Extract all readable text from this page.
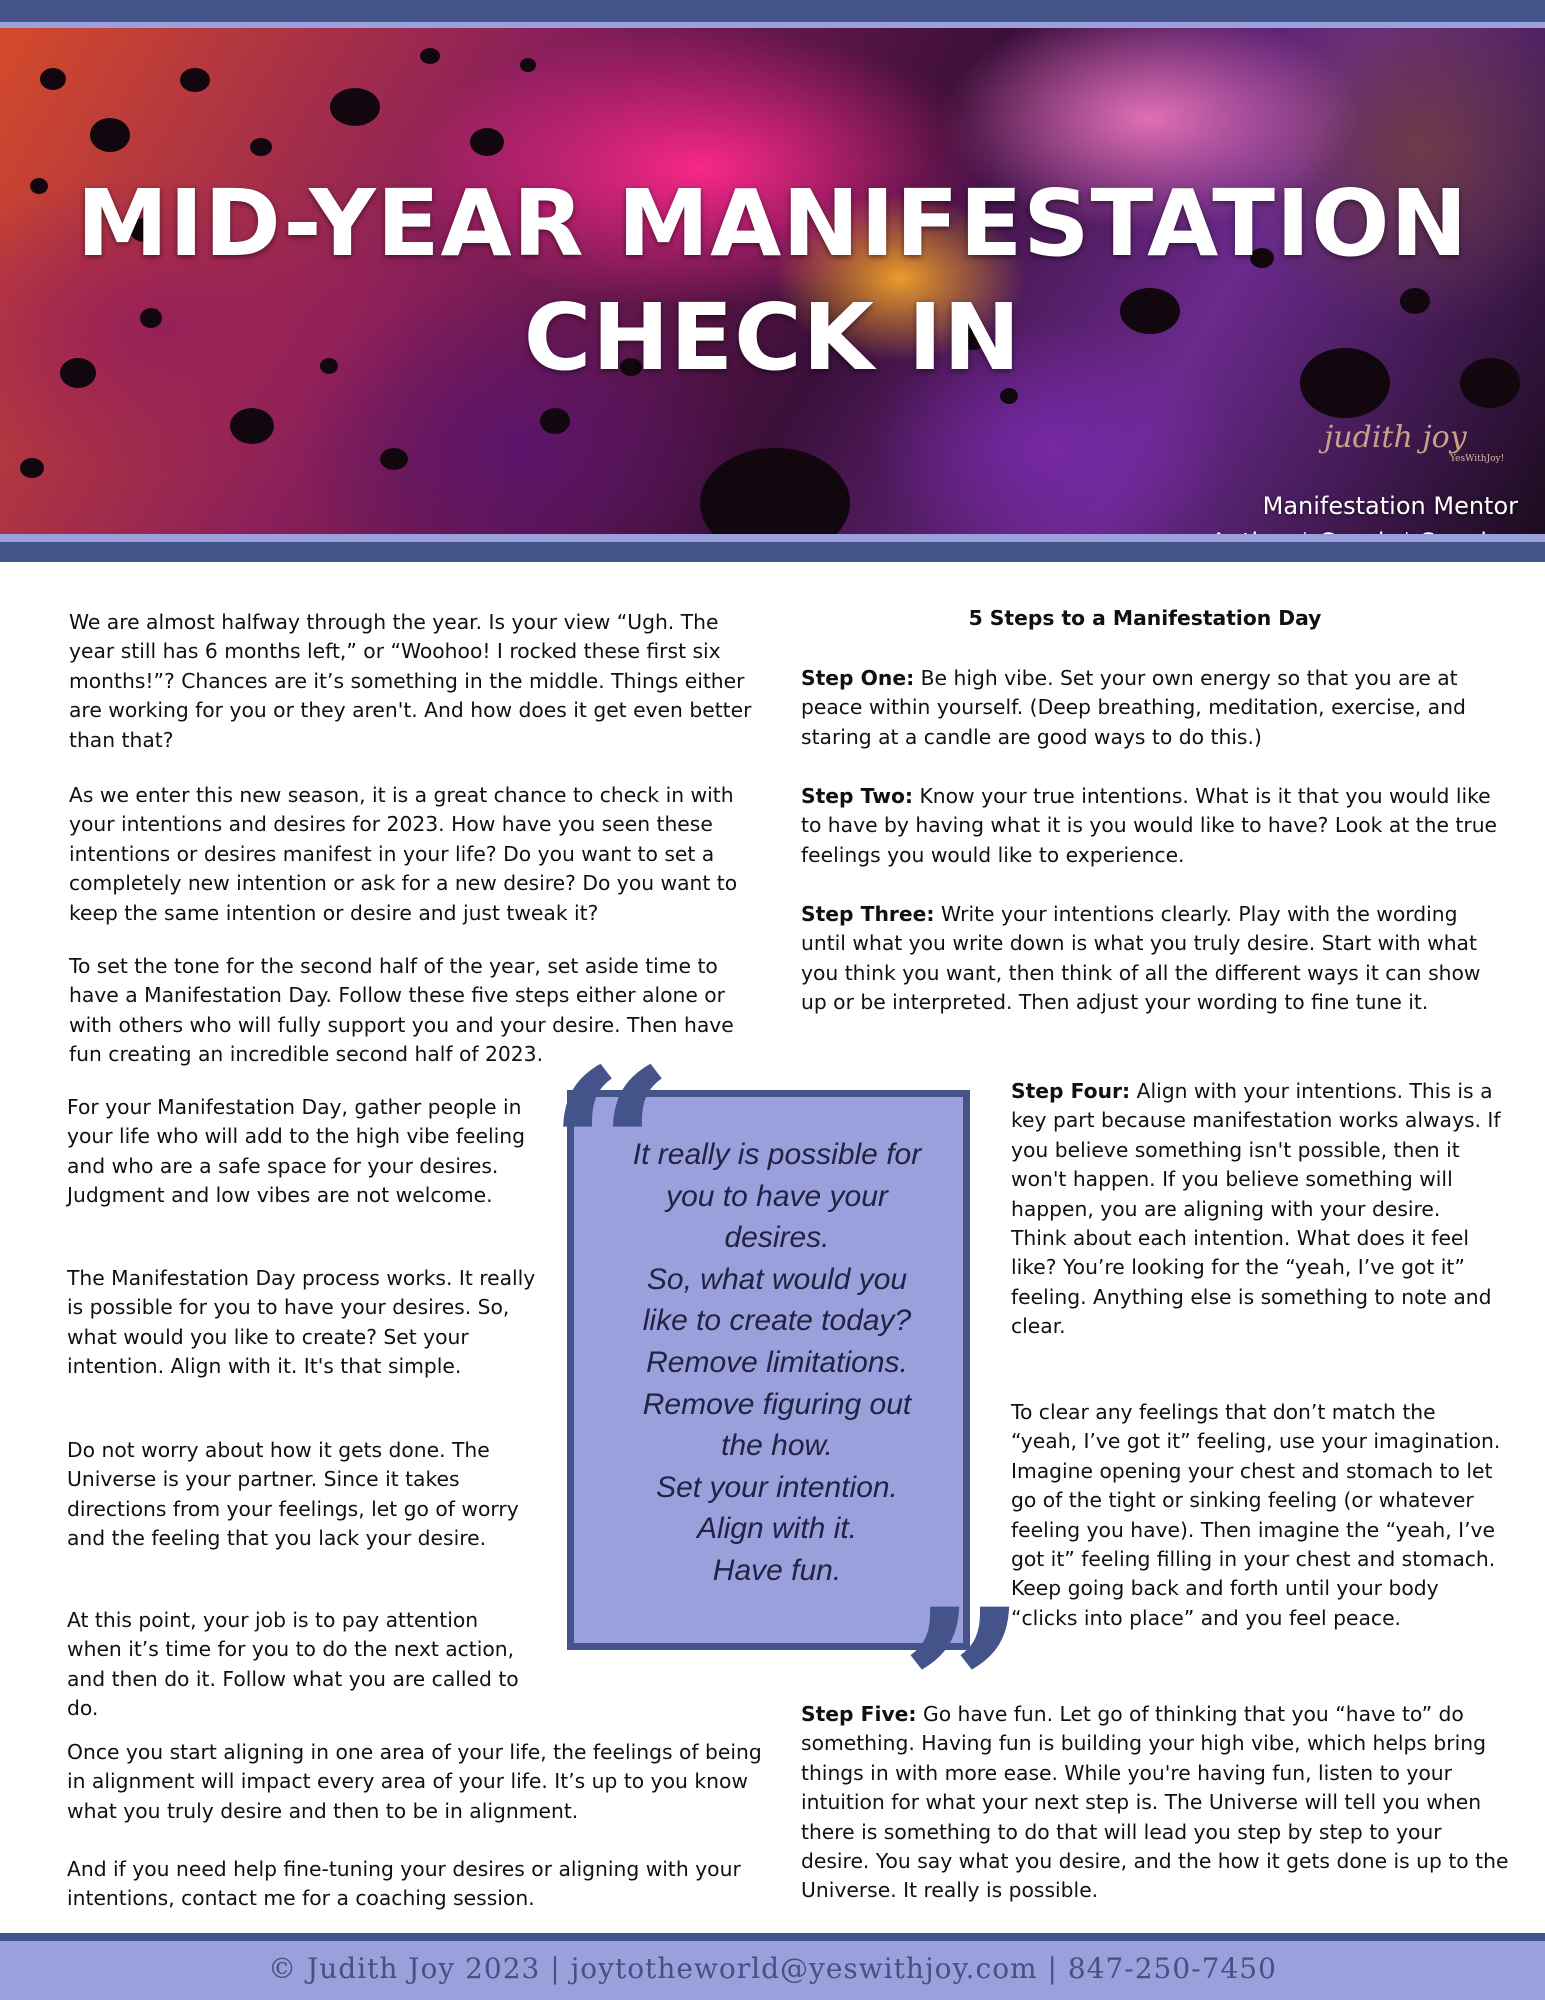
MID-YEAR MANIFESTATION
CHECK IN
judith joy
YesWithJoy!
Manifestation Mentor

We are almost halfway through the year. Is your view “Ugh. The year still has 6 months left,” or “Woohoo! I rocked these first six months!”? Chances are it’s something in the middle. Things either are working for you or they aren't. And how does it get even better than that?

As we enter this new season, it is a great chance to check in with your intentions and desires for 2023. How have you seen these intentions or desires manifest in your life? Do you want to set a completely new intention or ask for a new desire? Do you want to keep the same intention or desire and just tweak it?

To set the tone for the second half of the year, set aside time to have a Manifestation Day. Follow these five steps either alone or with others who will fully support you and your desire. Then have fun creating an incredible second half of 2023.

For your Manifestation Day, gather people in your life who will add to the high vibe feeling and who are a safe space for your desires. Judgment and low vibes are not welcome.

The Manifestation Day process works. It really is possible for you to have your desires. So, what would you like to create? Set your intention. Align with it. It's that simple.

Do not worry about how it gets done. The Universe is your partner. Since it takes directions from your feelings, let go of worry and the feeling that you lack your desire.

At this point, your job is to pay attention when it’s time for you to do the next action, and then do it. Follow what you are called to do.

Once you start aligning in one area of your life, the feelings of being in alignment will impact every area of your life. It’s up to you know what you truly desire and then to be in alignment.

And if you need help fine-tuning your desires or aligning with your intentions, contact me for a coaching session.

5 Steps to a Manifestation Day

Step One: Be high vibe. Set your own energy so that you are at peace within yourself. (Deep breathing, meditation, exercise, and staring at a candle are good ways to do this.)

Step Two: Know your true intentions. What is it that you would like to have by having what it is you would like to have? Look at the true feelings you would like to experience.

Step Three: Write your intentions clearly. Play with the wording until what you write down is what you truly desire. Start with what you think you want, then think of all the different ways it can show up or be interpreted. Then adjust your wording to fine tune it.

Step Four: Align with your intentions. This is a key part because manifestation works always. If you believe something isn't possible, then it won't happen. If you believe something will happen, you are aligning with your desire. Think about each intention. What does it feel like? You’re looking for the “yeah, I’ve got it” feeling. Anything else is something to note and clear.

To clear any feelings that don’t match the “yeah, I’ve got it” feeling, use your imagination. Imagine opening your chest and stomach to let go of the tight or sinking feeling (or whatever feeling you have). Then imagine the “yeah, I’ve got it” feeling filling in your chest and stomach. Keep going back and forth until your body “clicks into place” and you feel peace.

Step Five: Go have fun. Let go of thinking that you “have to” do something. Having fun is building your high vibe, which helps bring things in with more ease. While you're having fun, listen to your intuition for what your next step is. The Universe will tell you when there is something to do that will lead you step by step to your desire. You say what you desire, and the how it gets done is up to the Universe. It really is possible.

“
It really is possible for
you to have your
desires.
So, what would you
like to create today?
Remove limitations.
Remove figuring out
the how.
Set your intention.
Align with it.
Have fun. ”
© Judith Joy 2023 | joytotheworld@yeswithjoy.com | 847-250-7450
